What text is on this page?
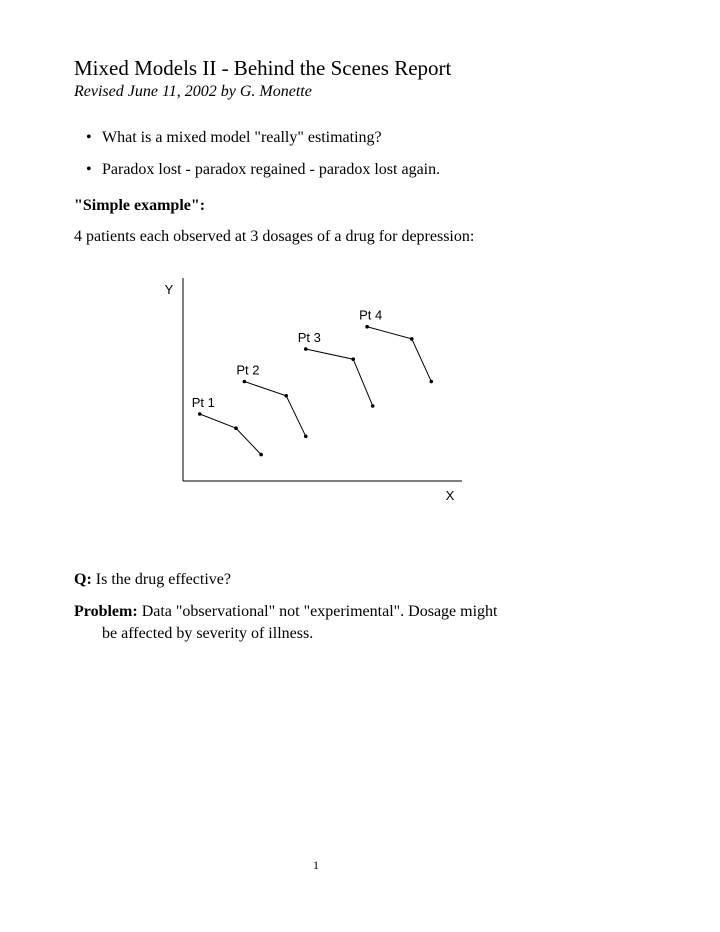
Mixed Models II - Behind the Scenes Report
Revised June 11, 2002 by G. Monette
• What is a mixed model "really" estimating?
• Paradox lost - paradox regained - paradox lost again.
"Simple example":
4 patients each observed at 3 dosages of a drug for depression:
Y
X
Pt 1
Pt 2
Pt 3
Pt 4
Q: Is the drug effective?
Problem: Data "observational" not "experimental". Dosage might
be affected by severity of illness.
1
